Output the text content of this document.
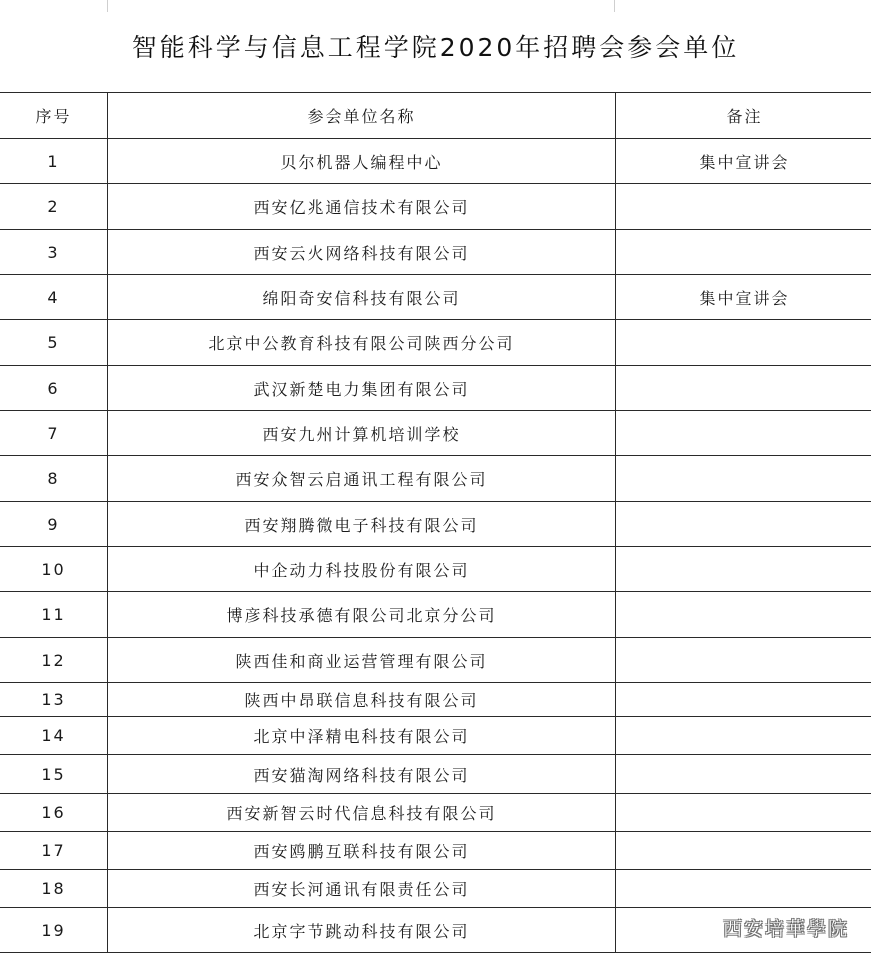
智能科学与信息工程学院2020年招聘会参会单位
序号	参会单位名称	备注
1	贝尔机器人编程中心	集中宣讲会
2	西安亿兆通信技术有限公司	
3	西安云火网络科技有限公司	
4	绵阳奇安信科技有限公司	集中宣讲会
5	北京中公教育科技有限公司陕西分公司	
6	武汉新楚电力集团有限公司	
7	西安九州计算机培训学校	
8	西安众智云启通讯工程有限公司	
9	西安翔腾微电子科技有限公司	
10	中企动力科技股份有限公司	
11	博彦科技承德有限公司北京分公司	
12	陕西佳和商业运营管理有限公司	
13	陕西中昂联信息科技有限公司	
14	北京中泽精电科技有限公司	
15	西安猫淘网络科技有限公司	
16	西安新智云时代信息科技有限公司	
17	西安鸥鹏互联科技有限公司	
18	西安长河通讯有限责任公司	
19	北京字节跳动科技有限公司		西安培華學院
